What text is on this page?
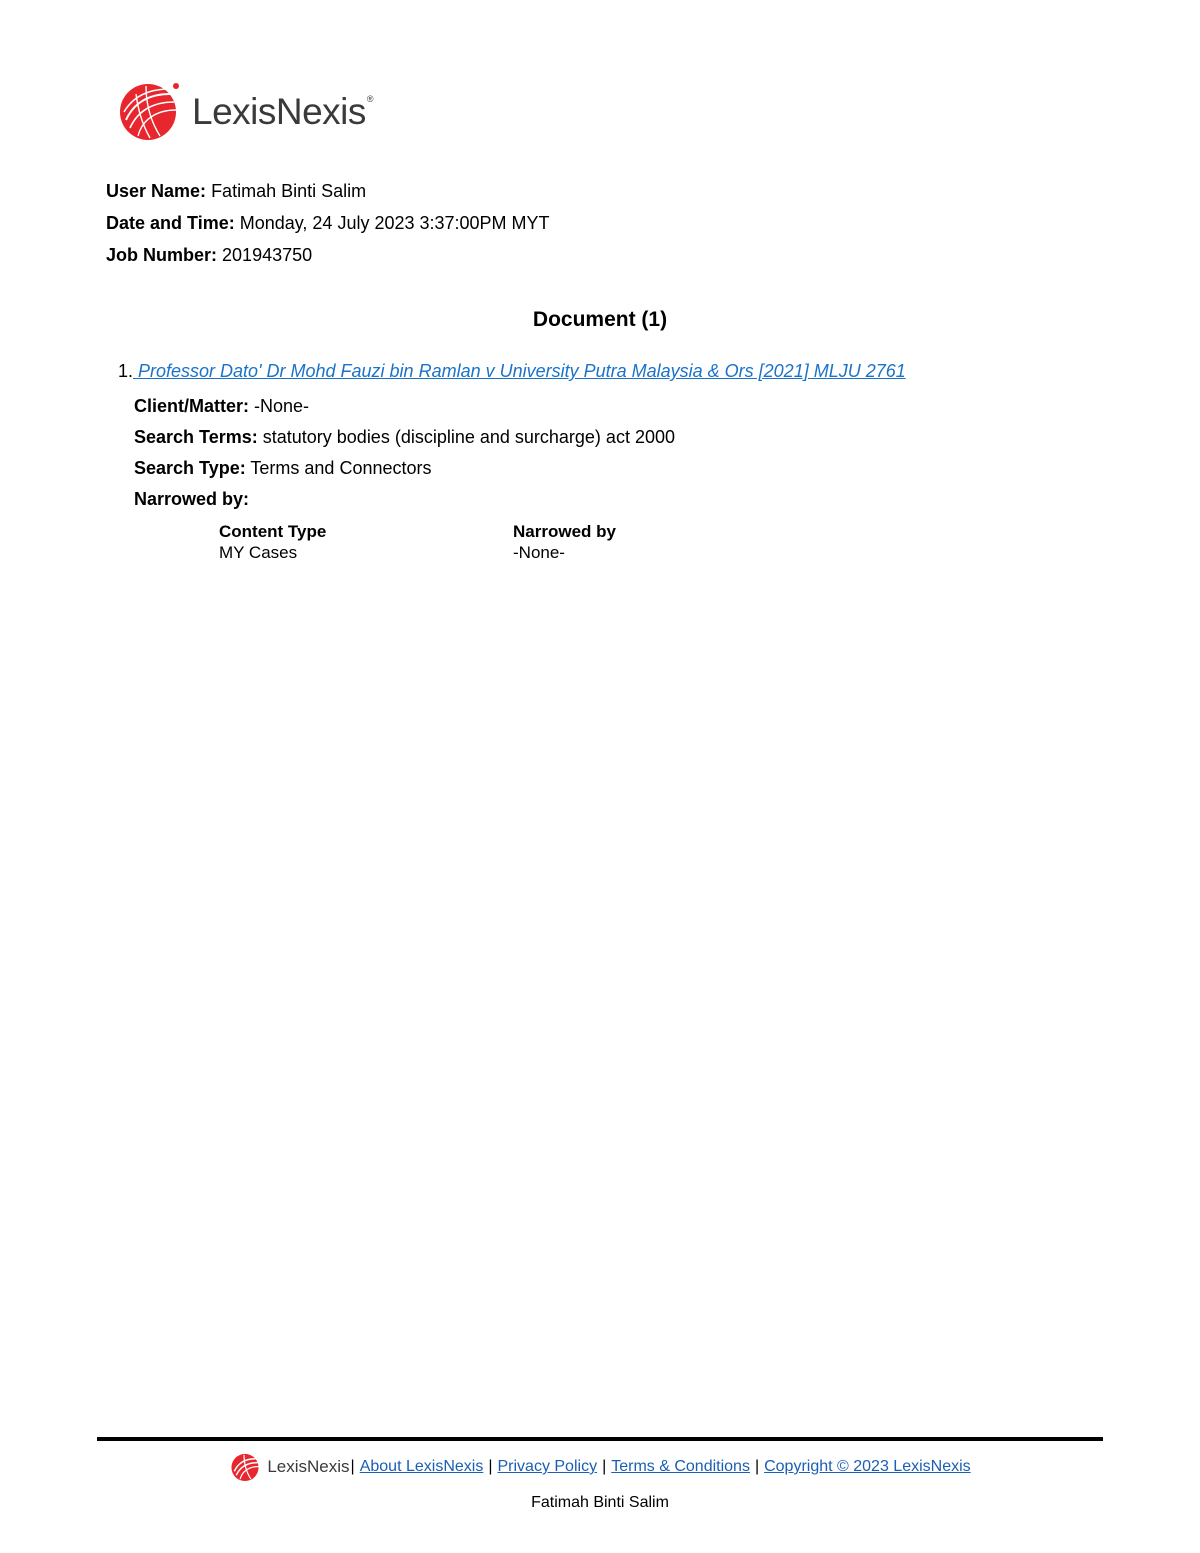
LexisNexis®
User Name: Fatimah Binti Salim
Date and Time: Monday, 24 July 2023 3:37:00PM MYT
Job Number: 201943750
Document (1)
1. Professor Dato' Dr Mohd Fauzi bin Ramlan v University Putra Malaysia & Ors [2021] MLJU 2761
Client/Matter: -None-
Search Terms: statutory bodies (discipline and surcharge) act 2000
Search Type: Terms and Connectors
Narrowed by:
Content Type	Narrowed by
MY Cases	-None-
LexisNexis | About LexisNexis | Privacy Policy | Terms & Conditions | Copyright © 2023 LexisNexis
Fatimah Binti Salim
